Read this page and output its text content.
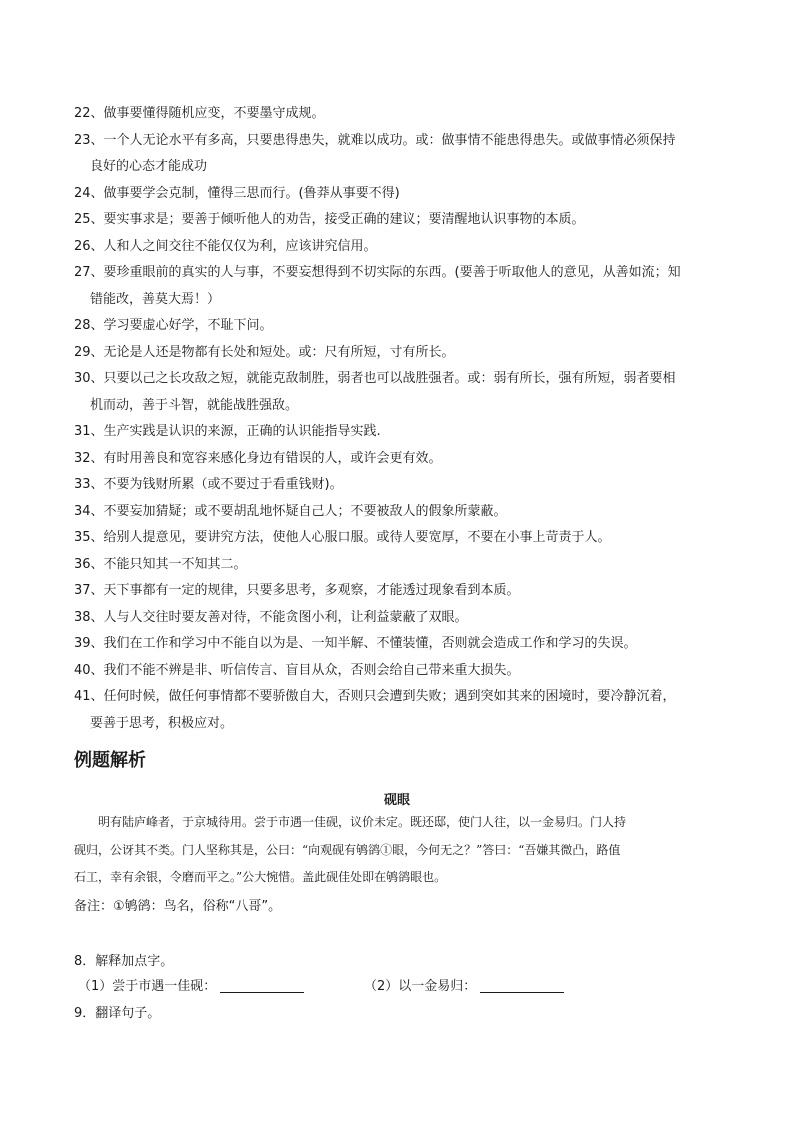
22、做事要懂得随机应变，不要墨守成规。
23、一个人无论水平有多高，只要患得患失，就难以成功。或：做事情不能患得患失。或做事情必须保持
良好的心态才能成功
24、做事要学会克制，懂得三思而行。(鲁莽从事要不得)
25、要实事求是；要善于倾听他人的劝告，接受正确的建议；要清醒地认识事物的本质。
26、人和人之间交往不能仅仅为利，应该讲究信用。
27、要珍重眼前的真实的人与事，不要妄想得到不切实际的东西。(要善于听取他人的意见，从善如流；知
错能改，善莫大焉！）
28、学习要虚心好学，不耻下问。
29、无论是人还是物都有长处和短处。或：尺有所短，寸有所长。
30、只要以己之长攻敌之短，就能克敌制胜，弱者也可以战胜强者。或：弱有所长，强有所短，弱者要相
机而动，善于斗智，就能战胜强敌。
31、生产实践是认识的来源，正确的认识能指导实践.
32、有时用善良和宽容来感化身边有错误的人，或许会更有效。
33、不要为钱财所累（或不要过于看重钱财)。
34、不要妄加猜疑；或不要胡乱地怀疑自己人；不要被敌人的假象所蒙蔽。
35、给别人提意见，要讲究方法，使他人心服口服。或待人要宽厚，不要在小事上苛责于人。
36、不能只知其一不知其二。
37、天下事都有一定的规律，只要多思考，多观察，才能透过现象看到本质。
38、人与人交往时要友善对待，不能贪图小利，让利益蒙蔽了双眼。
39、我们在工作和学习中不能自以为是、一知半解、不懂装懂，否则就会造成工作和学习的失误。
40、我们不能不辨是非、听信传言、盲目从众，否则会给自己带来重大损失。
41、任何时候，做任何事情都不要骄傲自大，否则只会遭到失败；遇到突如其来的困境时，要冷静沉着，
要善于思考，积极应对。
例题解析
砚眼
明有陆庐峰者，于京城待用。尝于市遇一佳砚，议价未定。既还邸，使门人往，以一金易归。门人持
砚归，公讶其不类。门人坚称其是，公曰：“向观砚有鸲鹆①眼，今何无之？”答曰：“吾嫌其微凸，路值
石工，幸有余银，令磨而平之。”公大惋惜。盖此砚佳处即在鸲鹆眼也。
备注：①鸲鹆：鸟名，俗称“八哥”。
8．解释加点字。
（1）尝于市遇一佳砚：	（2）以一金易归：
9．翻译句子。
